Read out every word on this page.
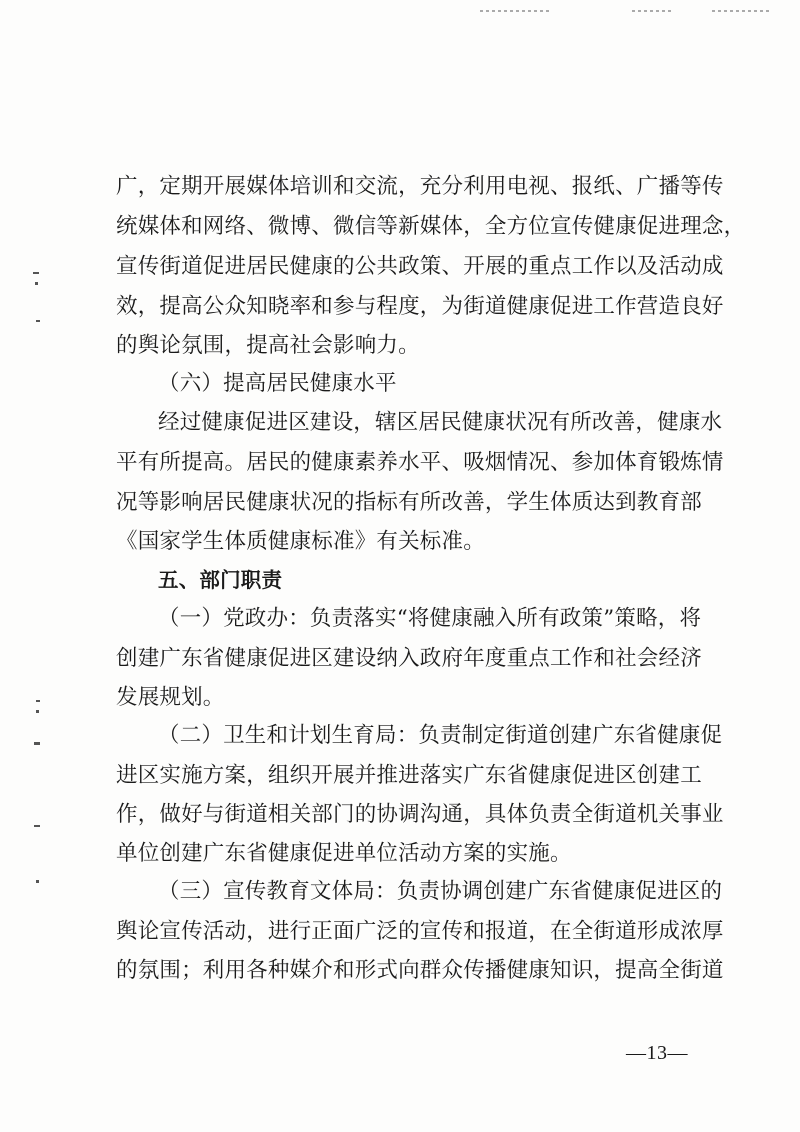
广，定期开展媒体培训和交流，充分利用电视、报纸、广播等传
统媒体和网络、微博、微信等新媒体，全方位宣传健康促进理念，
宣传街道促进居民健康的公共政策、开展的重点工作以及活动成
效，提高公众知晓率和参与程度，为街道健康促进工作营造良好
的舆论氛围，提高社会影响力。
（六）提高居民健康水平
经过健康促进区建设，辖区居民健康状况有所改善，健康水
平有所提高。居民的健康素养水平、吸烟情况、参加体育锻炼情
况等影响居民健康状况的指标有所改善，学生体质达到教育部
《国家学生体质健康标准》有关标准。
五、部门职责
（一）党政办：负责落实“将健康融入所有政策”策略，将
创建广东省健康促进区建设纳入政府年度重点工作和社会经济
发展规划。
（二）卫生和计划生育局：负责制定街道创建广东省健康促
进区实施方案，组织开展并推进落实广东省健康促进区创建工
作，做好与街道相关部门的协调沟通，具体负责全街道机关事业
单位创建广东省健康促进单位活动方案的实施。
（三）宣传教育文体局：负责协调创建广东省健康促进区的
舆论宣传活动，进行正面广泛的宣传和报道，在全街道形成浓厚
的氛围；利用各种媒介和形式向群众传播健康知识，提高全街道
—13—
